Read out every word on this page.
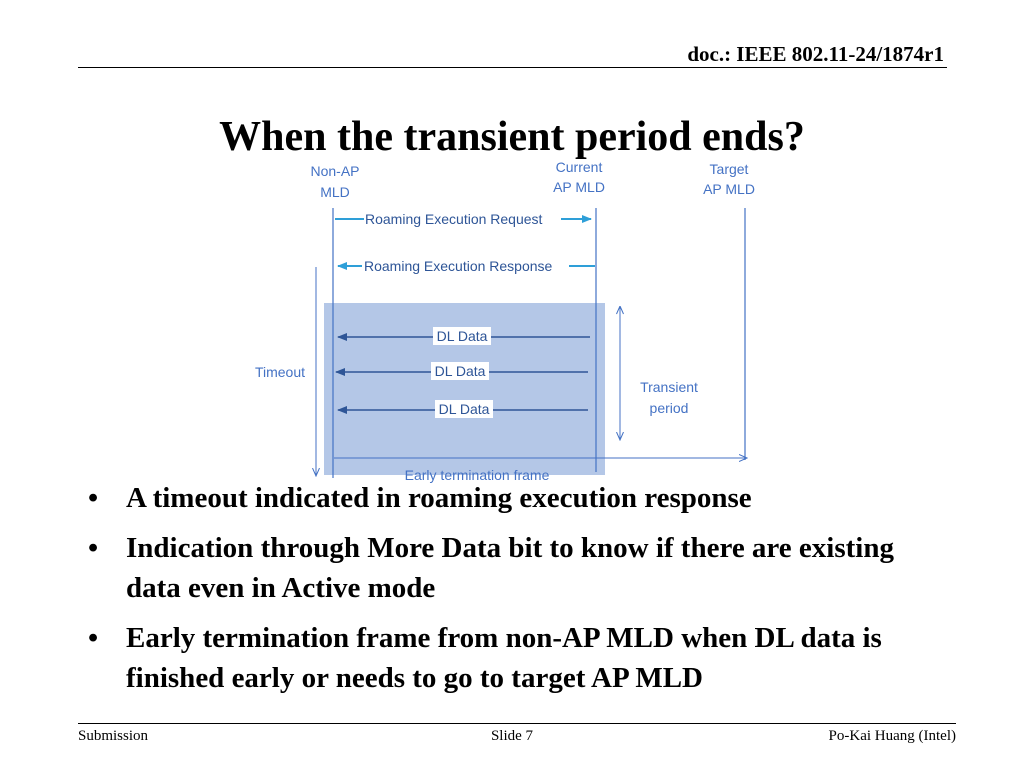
doc.: IEEE 802.11-24/1874r1
When the transient period ends?
Non-AP
MLD
Current
AP MLD
Target
AP MLD
Roaming Execution Request
Roaming Execution Response
DL Data
DL Data
DL Data
Timeout
Transient
period
Early termination frame
• A timeout indicated in roaming execution response
• Indication through More Data bit to know if there are existing data even in Active mode
• Early termination frame from non-AP MLD when DL data is finished early or needs to go to target AP MLD
Submission	Slide 7	Po-Kai Huang (Intel)
